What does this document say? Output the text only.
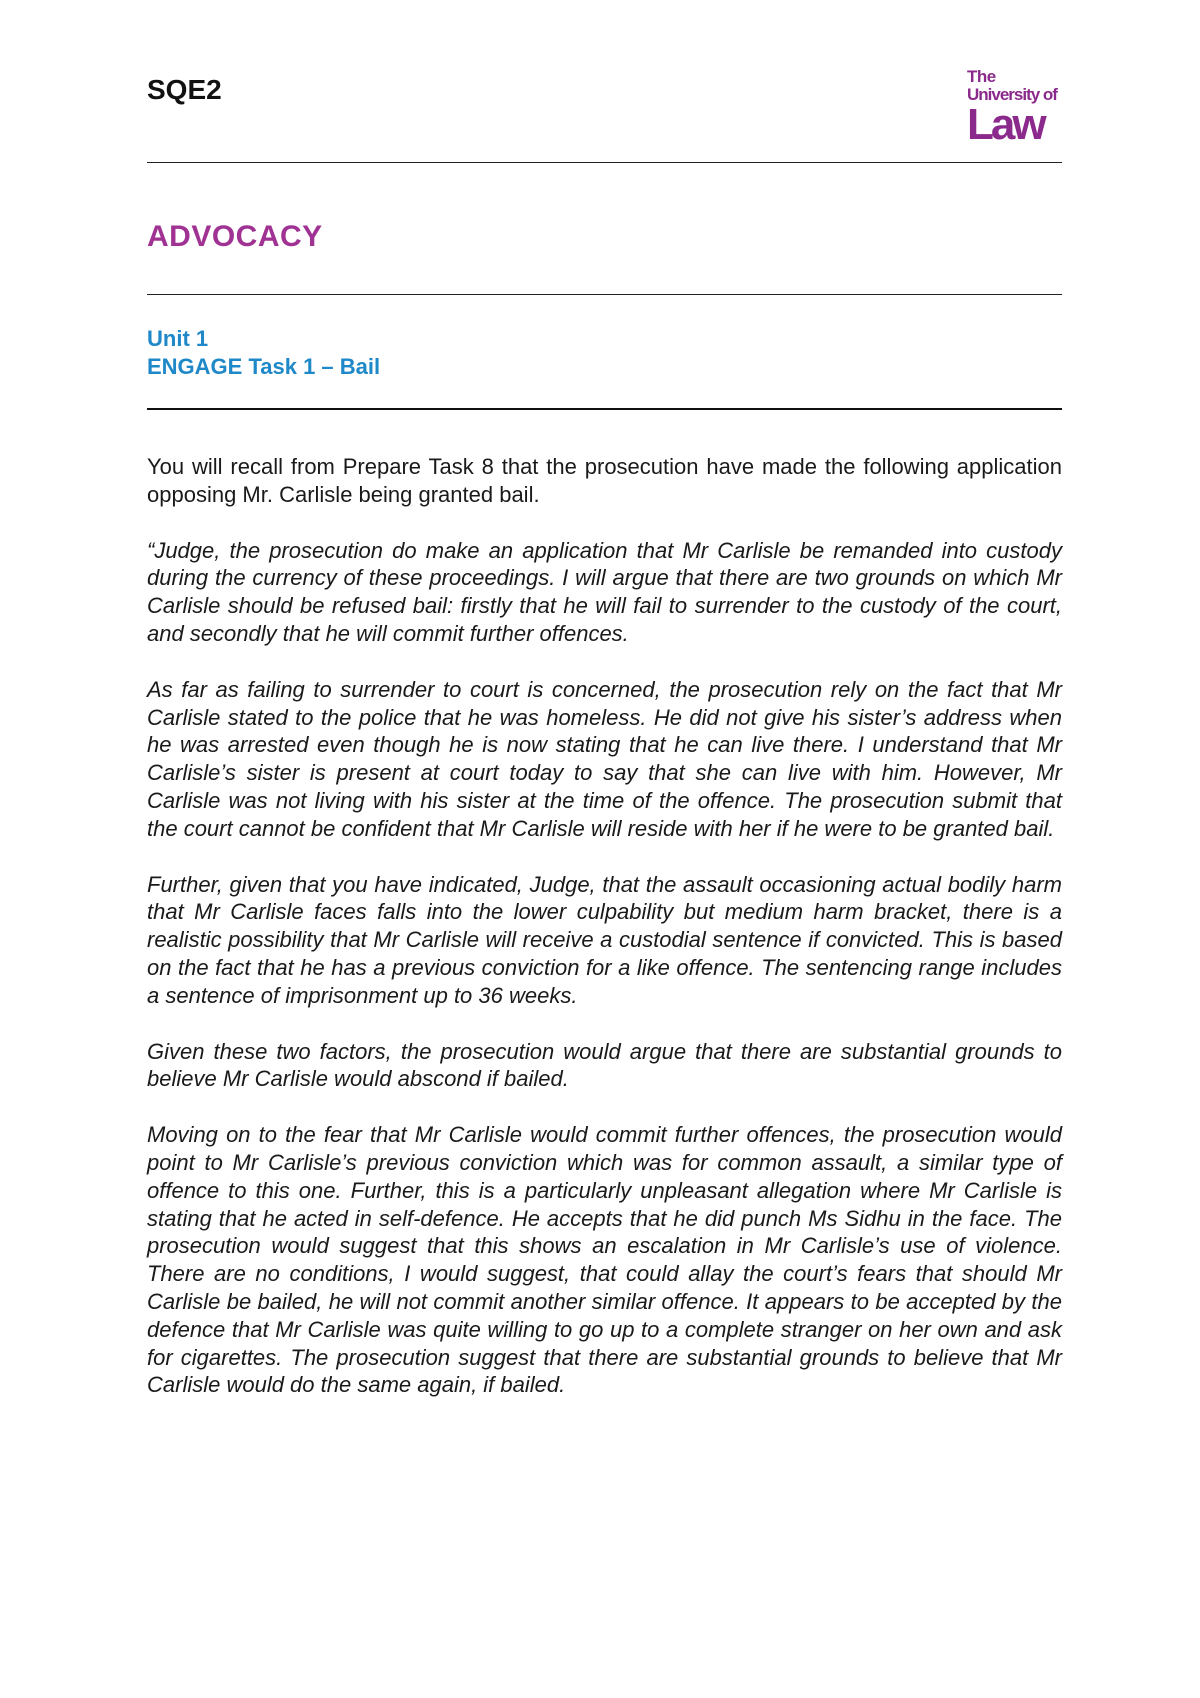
SQE2	The
University of
Law
ADVOCACY
Unit 1
ENGAGE Task 1 – Bail

You will recall from Prepare Task 8 that the prosecution have made the following application opposing Mr. Carlisle being granted bail.

“Judge, the prosecution do make an application that Mr Carlisle be remanded into custody during the currency of these proceedings. I will argue that there are two grounds on which Mr Carlisle should be refused bail: firstly that he will fail to surrender to the custody of the court, and secondly that he will commit further offences.

As far as failing to surrender to court is concerned, the prosecution rely on the fact that Mr Carlisle stated to the police that he was homeless. He did not give his sister’s address when he was arrested even though he is now stating that he can live there. I understand that Mr Carlisle’s sister is present at court today to say that she can live with him. However, Mr Carlisle was not living with his sister at the time of the offence. The prosecution submit that the court cannot be confident that Mr Carlisle will reside with her if he were to be granted bail.

Further, given that you have indicated, Judge, that the assault occasioning actual bodily harm that Mr Carlisle faces falls into the lower culpability but medium harm bracket, there is a realistic possibility that Mr Carlisle will receive a custodial sentence if convicted. This is based on the fact that he has a previous conviction for a like offence. The sentencing range includes a sentence of imprisonment up to 36 weeks.

Given these two factors, the prosecution would argue that there are substantial grounds to believe Mr Carlisle would abscond if bailed.

Moving on to the fear that Mr Carlisle would commit further offences, the prosecution would point to Mr Carlisle’s previous conviction which was for common assault, a similar type of offence to this one. Further, this is a particularly unpleasant allegation where Mr Carlisle is stating that he acted in self-defence. He accepts that he did punch Ms Sidhu in the face. The prosecution would suggest that this shows an escalation in Mr Carlisle’s use of violence. There are no conditions, I would suggest, that could allay the court’s fears that should Mr Carlisle be bailed, he will not commit another similar offence. It appears to be accepted by the defence that Mr Carlisle was quite willing to go up to a complete stranger on her own and ask for cigarettes. The prosecution suggest that there are substantial grounds to believe that Mr Carlisle would do the same again, if bailed.
